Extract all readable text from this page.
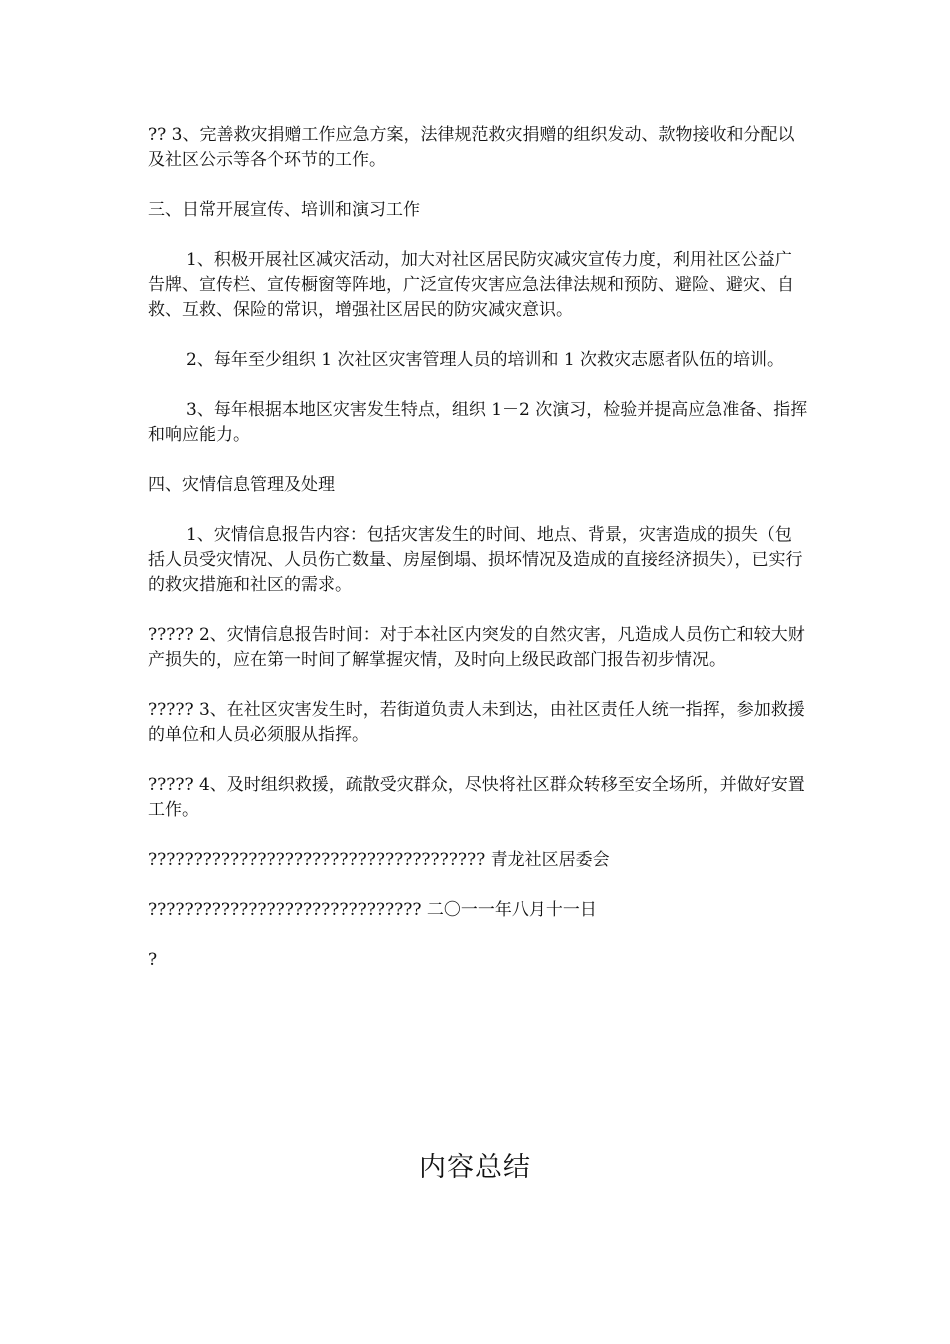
?? 3、完善救灾捐赠工作应急方案，法律规范救灾捐赠的组织发动、款物接收和分配以及社区公示等各个环节的工作。

三、日常开展宣传、培训和演习工作

1、积极开展社区减灾活动，加大对社区居民防灾减灾宣传力度，利用社区公益广告牌、宣传栏、宣传橱窗等阵地，广泛宣传灾害应急法律法规和预防、避险、避灾、自救、互救、保险的常识，增强社区居民的防灾减灾意识。

2、每年至少组织 1 次社区灾害管理人员的培训和 1 次救灾志愿者队伍的培训。

3、每年根据本地区灾害发生特点，组织 1－2 次演习，检验并提高应急准备、指挥和响应能力。

四、灾情信息管理及处理

1、灾情信息报告内容：包括灾害发生的时间、地点、背景，灾害造成的损失（包括人员受灾情况、人员伤亡数量、房屋倒塌、损坏情况及造成的直接经济损失），已实行的救灾措施和社区的需求。

????? 2、灾情信息报告时间：对于本社区内突发的自然灾害，凡造成人员伤亡和较大财产损失的，应在第一时间了解掌握灾情，及时向上级民政部门报告初步情况。

????? 3、在社区灾害发生时，若街道负责人未到达，由社区责任人统一指挥，参加救援的单位和人员必须服从指挥。

????? 4、及时组织救援，疏散受灾群众，尽快将社区群众转移至安全场所，并做好安置工作。

????????????????????????????????????? 青龙社区居委会

?????????????????????????????? 二〇一一年八月十一日

?

内容总结
